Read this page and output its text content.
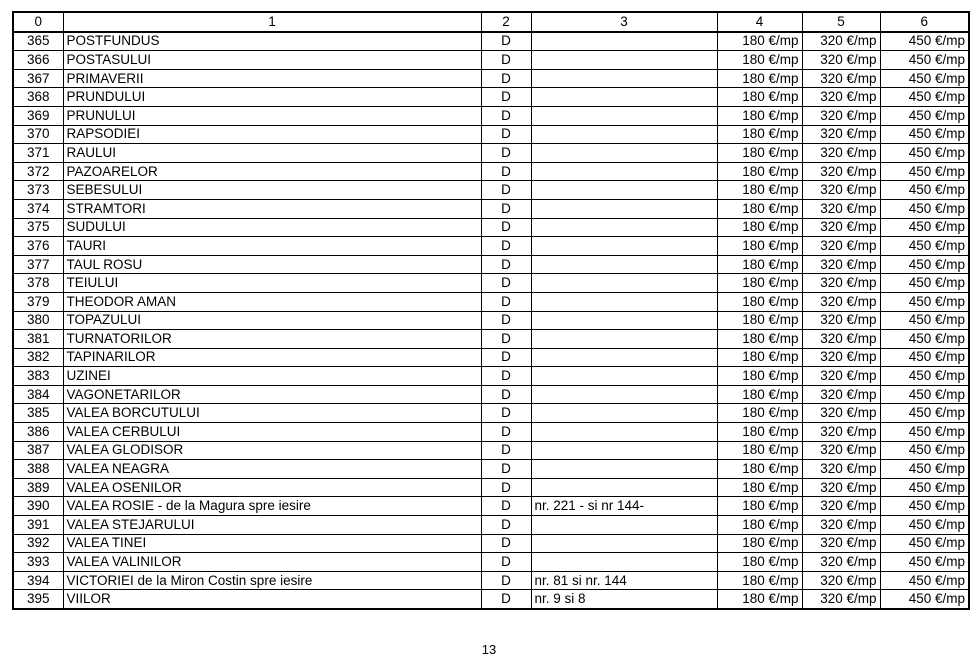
0	1	2	3	4	5	6
365	POSTFUNDUS	D		180 €/mp	320 €/mp	450 €/mp
366	POSTASULUI	D		180 €/mp	320 €/mp	450 €/mp
367	PRIMAVERII	D		180 €/mp	320 €/mp	450 €/mp
368	PRUNDULUI	D		180 €/mp	320 €/mp	450 €/mp
369	PRUNULUI	D		180 €/mp	320 €/mp	450 €/mp
370	RAPSODIEI	D		180 €/mp	320 €/mp	450 €/mp
371	RAULUI	D		180 €/mp	320 €/mp	450 €/mp
372	PAZOARELOR	D		180 €/mp	320 €/mp	450 €/mp
373	SEBESULUI	D		180 €/mp	320 €/mp	450 €/mp
374	STRAMTORI	D		180 €/mp	320 €/mp	450 €/mp
375	SUDULUI	D		180 €/mp	320 €/mp	450 €/mp
376	TAURI	D		180 €/mp	320 €/mp	450 €/mp
377	TAUL ROSU	D		180 €/mp	320 €/mp	450 €/mp
378	TEIULUI	D		180 €/mp	320 €/mp	450 €/mp
379	THEODOR AMAN	D		180 €/mp	320 €/mp	450 €/mp
380	TOPAZULUI	D		180 €/mp	320 €/mp	450 €/mp
381	TURNATORILOR	D		180 €/mp	320 €/mp	450 €/mp
382	TAPINARILOR	D		180 €/mp	320 €/mp	450 €/mp
383	UZINEI	D		180 €/mp	320 €/mp	450 €/mp
384	VAGONETARILOR	D		180 €/mp	320 €/mp	450 €/mp
385	VALEA BORCUTULUI	D		180 €/mp	320 €/mp	450 €/mp
386	VALEA CERBULUI	D		180 €/mp	320 €/mp	450 €/mp
387	VALEA GLODISOR	D		180 €/mp	320 €/mp	450 €/mp
388	VALEA NEAGRA	D		180 €/mp	320 €/mp	450 €/mp
389	VALEA OSENILOR	D		180 €/mp	320 €/mp	450 €/mp
390	VALEA ROSIE - de la Magura spre iesire	D	nr. 221 - si nr 144-	180 €/mp	320 €/mp	450 €/mp
391	VALEA STEJARULUI	D		180 €/mp	320 €/mp	450 €/mp
392	VALEA TINEI	D		180 €/mp	320 €/mp	450 €/mp
393	VALEA VALINILOR	D		180 €/mp	320 €/mp	450 €/mp
394	VICTORIEI de la Miron Costin spre iesire	D	nr. 81 si nr. 144	180 €/mp	320 €/mp	450 €/mp
395	VIILOR	D	nr. 9 si 8	180 €/mp	320 €/mp	450 €/mp
13
